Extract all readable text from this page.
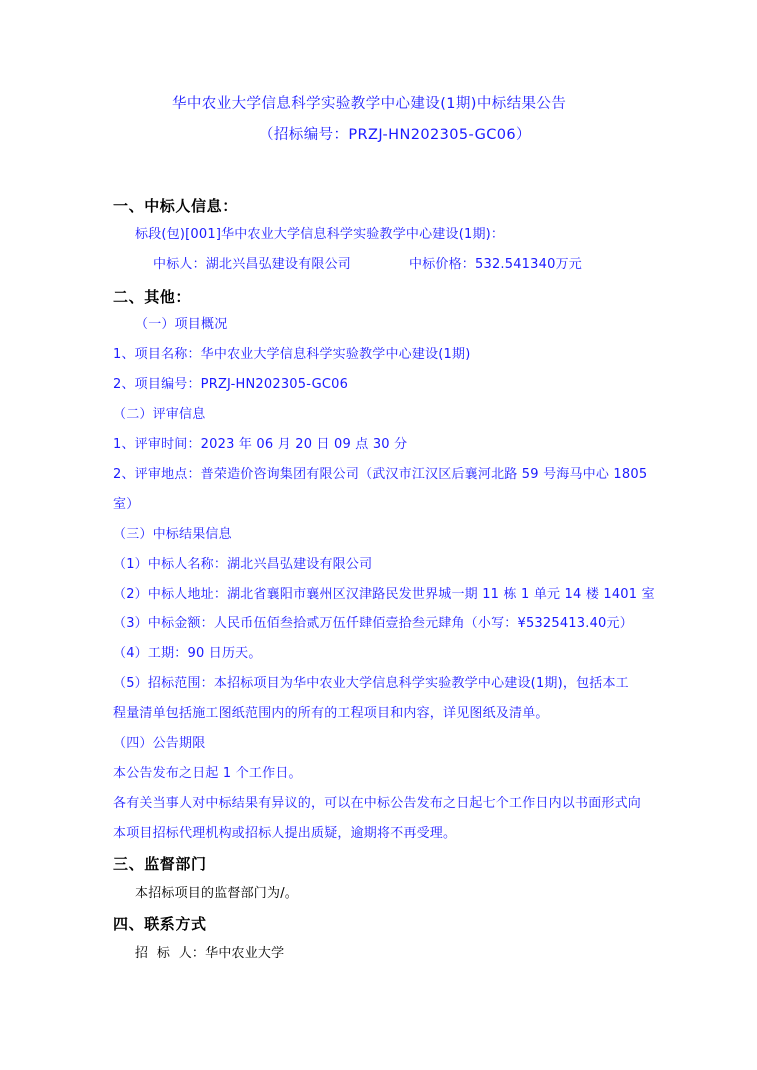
华中农业大学信息科学实验教学中心建设(1期)中标结果公告
（招标编号：PRZJ-HN202305-GC06）
一、中标人信息：
标段(包)[001]华中农业大学信息科学实验教学中心建设(1期)：
中标人：湖北兴昌弘建设有限公司	中标价格：532.541340万元
二、其他：
（一）项目概况
1、项目名称：华中农业大学信息科学实验教学中心建设(1期)
2、项目编号：PRZJ-HN202305-GC06
（二）评审信息
1、评审时间：2023 年 06 月 20 日 09 点 30 分
2、评审地点：普荣造价咨询集团有限公司（武汉市江汉区后襄河北路 59 号海马中心 1805
室）
（三）中标结果信息
（1）中标人名称：湖北兴昌弘建设有限公司
（2）中标人地址：湖北省襄阳市襄州区汉津路民发世界城一期 11 栋 1 单元 14 楼 1401 室
（3）中标金额：人民币伍佰叁拾贰万伍仟肆佰壹拾叁元肆角（小写：¥5325413.40元）
（4）工期：90 日历天。
（5）招标范围：本招标项目为华中农业大学信息科学实验教学中心建设(1期)，包括本工
程量清单包括施工图纸范围内的所有的工程项目和内容，详见图纸及清单。
（四）公告期限
本公告发布之日起 1 个工作日。
各有关当事人对中标结果有异议的，可以在中标公告发布之日起七个工作日内以书面形式向
本项目招标代理机构或招标人提出质疑，逾期将不再受理。
三、监督部门
本招标项目的监督部门为/。
四、联系方式
招  标  人：华中农业大学
